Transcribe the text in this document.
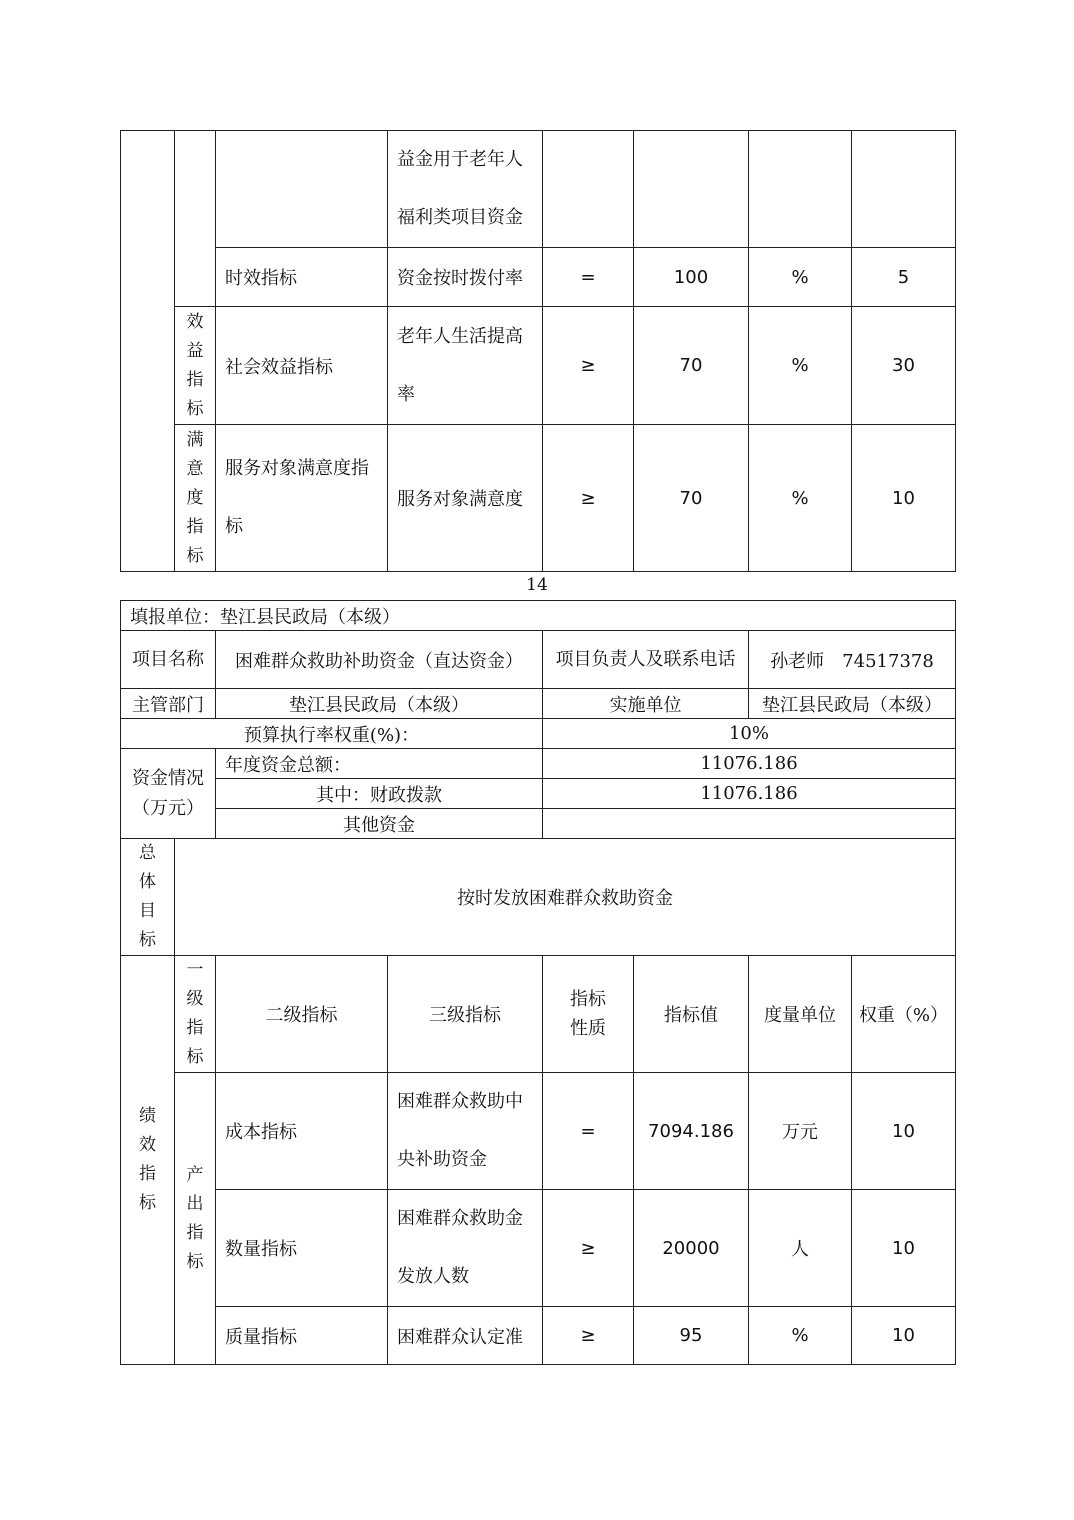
			益金用于老年人
福利类项目资金				

		时效指标	资金按时拨付率	=	100	%	5

	效益指标	社会效益指标	老年人生活提高
率	≥	70	%	30

	满意度指标	服务对象满意度指
标	服务对象满意度	≥	70	%	10
14
填报单位：垫江县民政局（本级）							
项目名称		困难群众救助补助资金（直达资金）		项目负责人及联系电话		孙老师　74517378	
主管部门		垫江县民政局（本级）		实施单位		垫江县民政局（本级）	
预算执行率权重(%)：				10%			
资金情况（万元）		年度资金总额：		11076.186			
		其中：财政拨款		11076.186			
		其他资金					

总体目标	按时发放困难群众救助资金						

绩效指标	一级指标	二级指标	三级指标	指标性质	指标值	度量单位	权重（%）

	产出指标	成本指标	困难群众救助中
央补助资金	=	7094.186	万元	10
		数量指标	困难群众救助金
发放人数	≥	20000	人	10
		质量指标	困难群众认定准	≥	95	%	10
